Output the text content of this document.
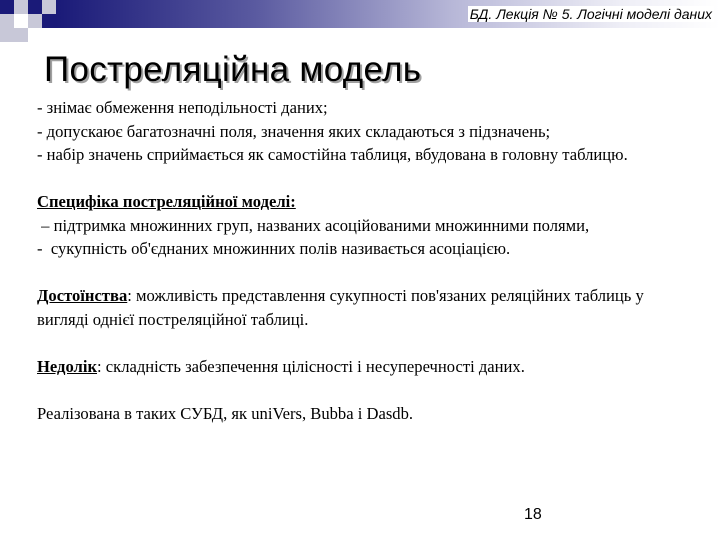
БД. Лекція № 5. Логічні моделі даних
Постреляційна модель

- знімає обмеження неподільності даних;

- допускаює багатозначні поля, значення яких складаються з підзначень;

- набір значень сприймається як самостійна таблиця, вбудована в головну таблицю.

Специфіка постреляційної моделі:

– підтримка множинних груп, названих асоційованими множинними полями,

-  сукупність об'єднаних множинних полів називається асоціацією.

Достоїнства: можливість представлення сукупності пов'язаних реляційних таблиць у вигляді однієї постреляційної таблиці.

Недолік: складність забезпечення цілісності і несуперечності даних.

Реалізована в таких СУБД, як uniVers, Bubba і Dasdb.

18
